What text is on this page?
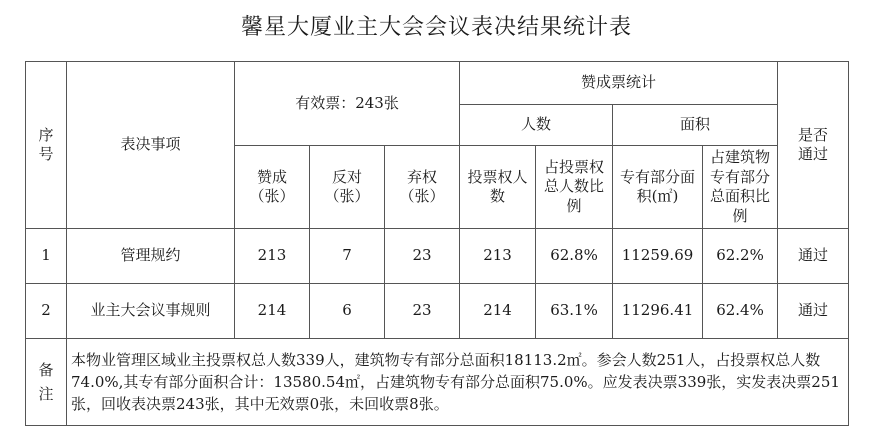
馨星大厦业主大会会议表决结果统计表
序号	表决事项	有效票：243张			赞成票统计				是否通过
					人数		面积		
		赞成（张）	反对（张）	弃权（张）	投票权人数	占投票权总人数比例	专有部分面积(㎡)	占建筑物专有部分总面积比例	
1	管理规约	213	7	23	213	62.8%	11259.69	62.2%	通过
2	业主大会议事规则	214	6	23	214	63.1%	11296.41	62.4%	通过
备注	本物业管理区域业主投票权总人数339人，建筑物专有部分总面积18113.2㎡。参会人数251人，占投票权总人数74.0%,其专有部分面积合计：13580.54㎡，占建筑物专有部分总面积75.0%。应发表决票339张，实发表决票251张，回收表决票243张，其中无效票0张，未回收票8张。								
